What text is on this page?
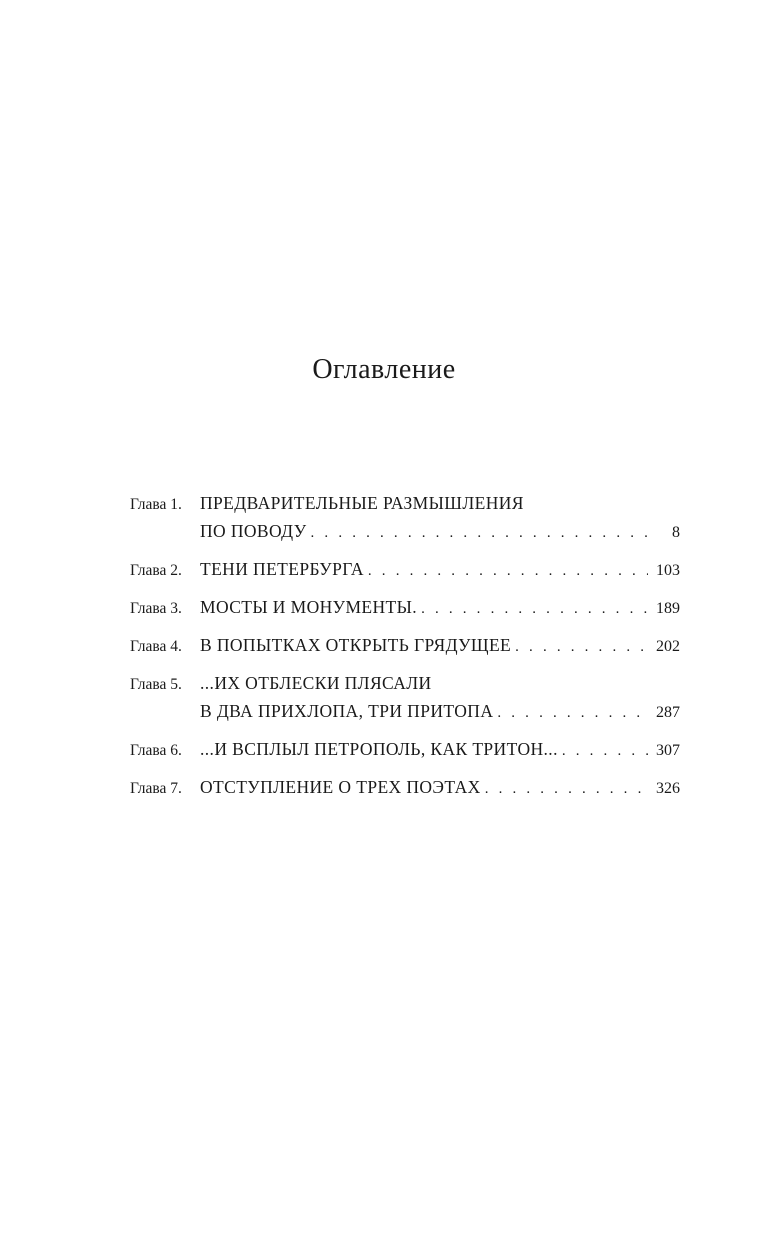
Оглавление
Глава 1.	ПРЕДВАРИТЕЛЬНЫЕ РАЗМЫШЛЕНИЯ
ПО ПОВОДУ . . .	8
Глава 2.	ТЕНИ ПЕТЕРБУРГА . . .	103
Глава 3.	МОСТЫ И МОНУМЕНТЫ. . . .	189
Глава 4.	В ПОПЫТКАХ ОТКРЫТЬ ГРЯДУЩЕЕ . . .	202
Глава 5.	...ИХ ОТБЛЕСКИ ПЛЯСАЛИ
В ДВА ПРИХЛОПА, ТРИ ПРИТОПА . . .	287
Глава 6.	...И ВСПЛЫЛ ПЕТРОПОЛЬ, КАК ТРИТОН... . . .	307
Глава 7.	ОТСТУПЛЕНИЕ О ТРЕХ ПОЭТАХ . . .	326
